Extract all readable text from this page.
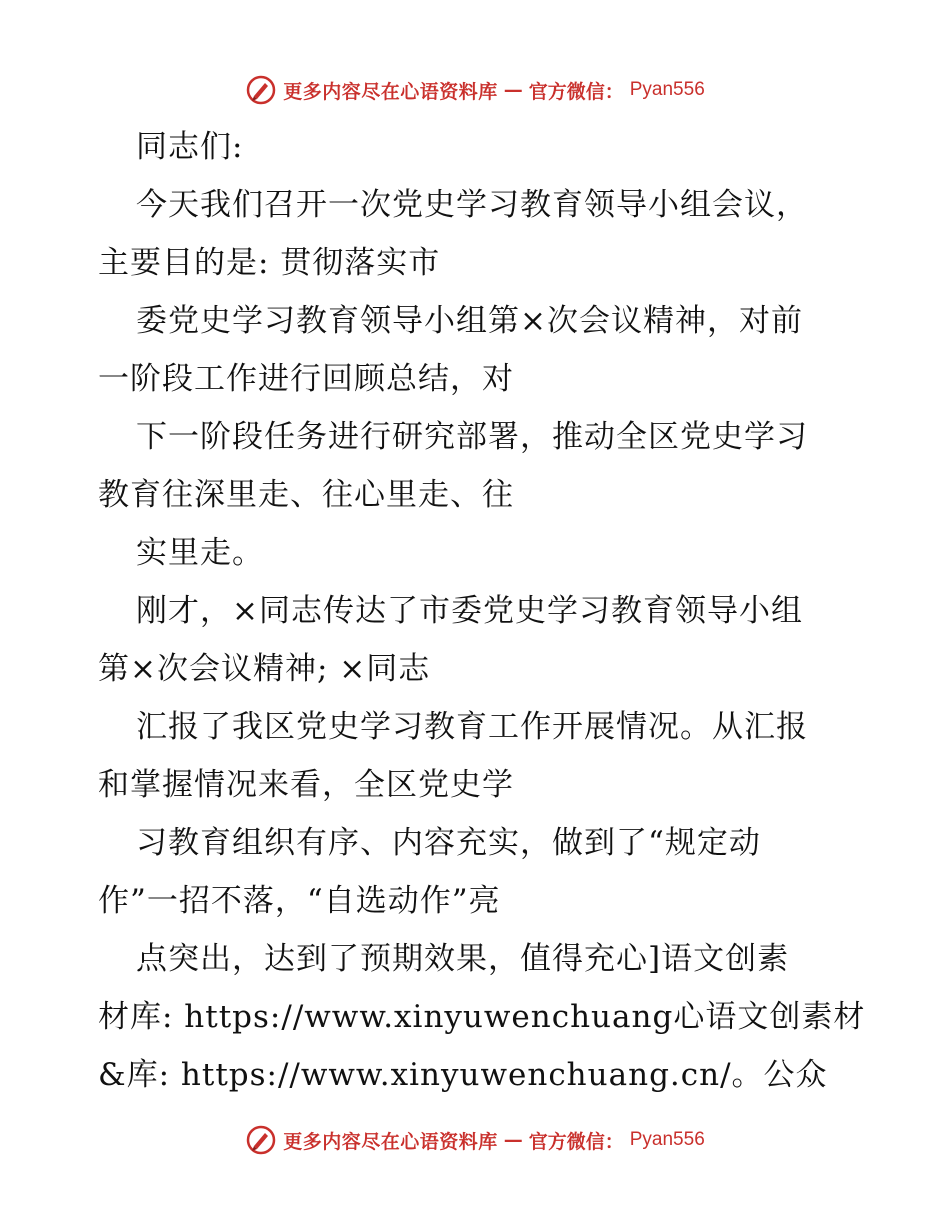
更多内容尽在心语资料库 — 官方微信： Pyan556
同志们:
今天我们召开一次党史学习教育领导小组会议，
主要目的是: 贯彻落实市
委党史学习教育领导小组第×次会议精神，对前
一阶段工作进行回顾总结，对
下一阶段任务进行研究部署，推动全区党史学习
教育往深里走、往心里走、往
实里走。
刚才，×同志传达了市委党史学习教育领导小组
第×次会议精神; ×同志
汇报了我区党史学习教育工作开展情况。从汇报
和掌握情况来看，全区党史学
习教育组织有序、内容充实，做到了“规定动
作”一招不落，“自选动作”亮
点突出，达到了预期效果，值得充心]语文创素
材库: https://www.xinyuwenchuang心语文创素材
&库: https://www.xinyuwenchuang.cn/。公众
更多内容尽在心语资料库 — 官方微信： Pyan556
